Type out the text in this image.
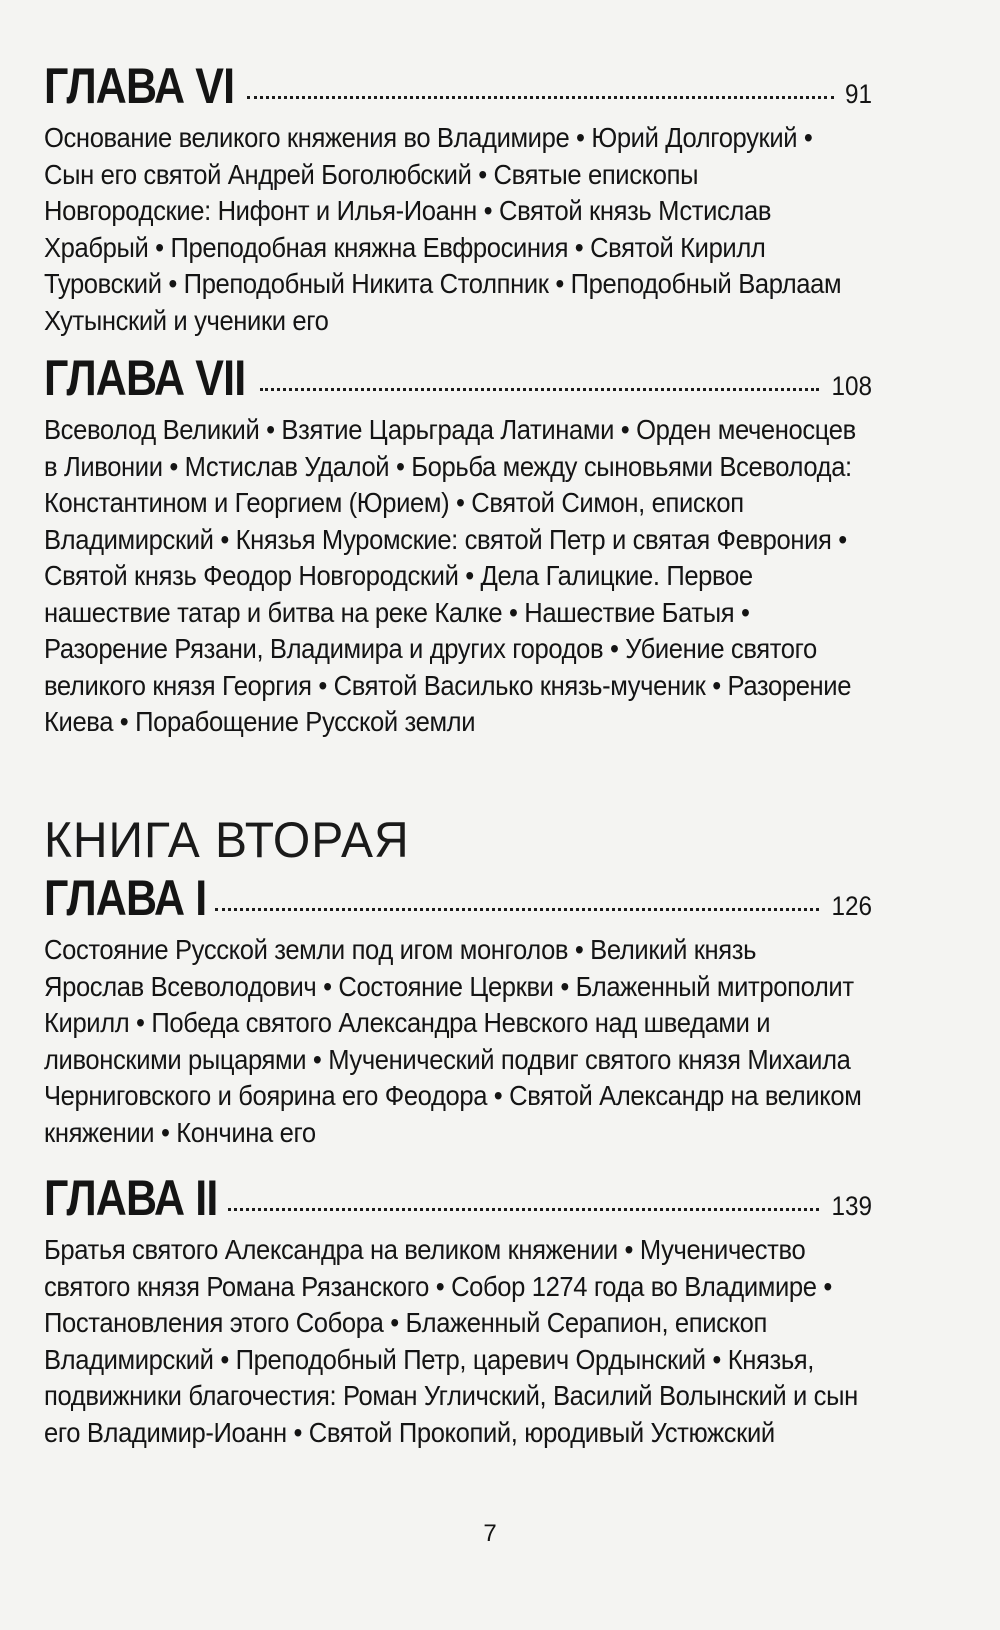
ГЛАВА VI	91
Основание великого княжения во Владимире • Юрий Долгорукий • Сын его святой Андрей Боголюбский • Святые епископы Новгородские: Нифонт и Илья-Иоанн • Святой князь Мстислав Храбрый • Преподобная княжна Евфросиния • Святой Кирилл Туровский • Преподобный Никита Столпник • Преподобный Варлаам Хутынский и ученики его
ГЛАВА VII	108
Всеволод Великий • Взятие Царьграда Латинами • Орден меченосцев в Ливонии • Мстислав Удалой • Борьба между сыновьями Всеволода: Константином и Георгием (Юрием) • Святой Симон, епископ Владимирский • Князья Муромские: святой Петр и святая Феврония • Святой князь Феодор Новгородский • Дела Галицкие. Первое нашествие татар и битва на реке Калке • Нашествие Батыя • Разорение Рязани, Владимира и других городов • Убиение святого великого князя Георгия • Святой Василько князь-мученик • Разорение Киева • Порабощение Русской земли
КНИГА ВТОРАЯ
ГЛАВА I	126
Состояние Русской земли под игом монголов • Великий князь Ярослав Всеволодович • Состояние Церкви • Блаженный митрополит Кирилл • Победа святого Александра Невского над шведами и ливонскими рыцарями • Мученический подвиг святого князя Михаила Черниговского и боярина его Феодора • Святой Александр на великом княжении • Кончина его
ГЛАВА II	139
Братья святого Александра на великом княжении • Мученичество святого князя Романа Рязанского • Собор 1274 года во Владимире • Постановления этого Собора • Блаженный Серапион, епископ Владимирский • Преподобный Петр, царевич Ордынский • Князья, подвижники благочестия: Роман Угличский, Василий Волынский и сын его Владимир-Иоанн • Святой Прокопий, юродивый Устюжский
7
